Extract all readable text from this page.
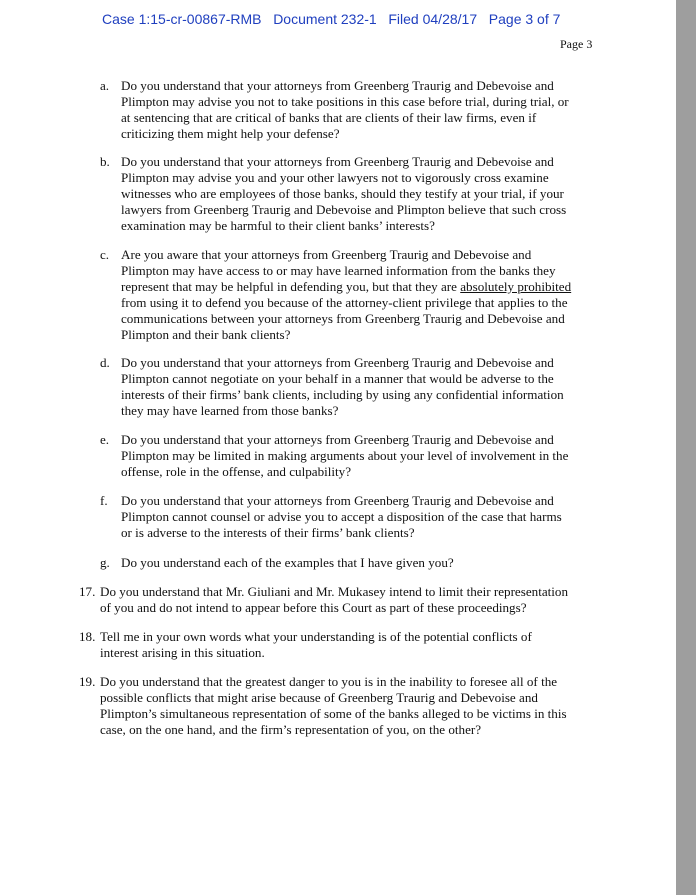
Case 1:15-cr-00867-RMB Document 232-1 Filed 04/28/17 Page 3 of 7
Page 3
a. Do you understand that your attorneys from Greenberg Traurig and Debevoise and
Plimpton may advise you not to take positions in this case before trial, during trial, or
at sentencing that are critical of banks that are clients of their law firms, even if
criticizing them might help your defense?
b. Do you understand that your attorneys from Greenberg Traurig and Debevoise and
Plimpton may advise you and your other lawyers not to vigorously cross examine
witnesses who are employees of those banks, should they testify at your trial, if your
lawyers from Greenberg Traurig and Debevoise and Plimpton believe that such cross
examination may be harmful to their client banks’ interests?
c. Are you aware that your attorneys from Greenberg Traurig and Debevoise and
Plimpton may have access to or may have learned information from the banks they
represent that may be helpful in defending you, but that they are absolutely prohibited
from using it to defend you because of the attorney-client privilege that applies to the
communications between your attorneys from Greenberg Traurig and Debevoise and
Plimpton and their bank clients?
d. Do you understand that your attorneys from Greenberg Traurig and Debevoise and
Plimpton cannot negotiate on your behalf in a manner that would be adverse to the
interests of their firms’ bank clients, including by using any confidential information
they may have learned from those banks?
e. Do you understand that your attorneys from Greenberg Traurig and Debevoise and
Plimpton may be limited in making arguments about your level of involvement in the
offense, role in the offense, and culpability?
f. Do you understand that your attorneys from Greenberg Traurig and Debevoise and
Plimpton cannot counsel or advise you to accept a disposition of the case that harms
or is adverse to the interests of their firms’ bank clients?
g. Do you understand each of the examples that I have given you?
17. Do you understand that Mr. Giuliani and Mr. Mukasey intend to limit their representation
of you and do not intend to appear before this Court as part of these proceedings?
18. Tell me in your own words what your understanding is of the potential conflicts of
interest arising in this situation.
19. Do you understand that the greatest danger to you is in the inability to foresee all of the
possible conflicts that might arise because of Greenberg Traurig and Debevoise and
Plimpton’s simultaneous representation of some of the banks alleged to be victims in this
case, on the one hand, and the firm’s representation of you, on the other?
